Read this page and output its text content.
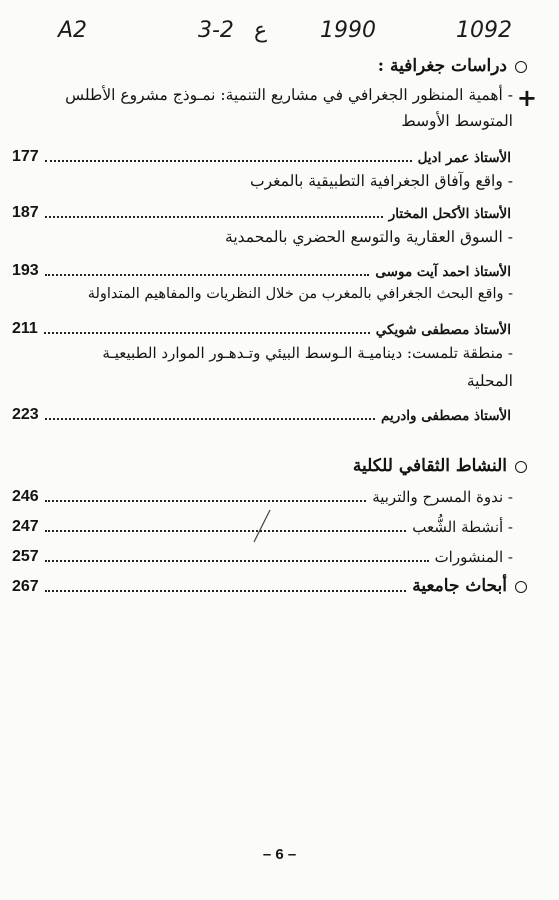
A2	3-2 ع 1990	1092
دراسات جغرافية :
+
- أهمية المنظور الجغرافي في مشاريع التنمية: نمـوذج مشروع الأطلس
المتوسط الأوسط
الأستاذ عمر اديل
177
- واقع وآفاق الجغرافية التطبيقية بالمغرب
الأستاذ الأكحل المختار
187
- السوق العقارية والتوسع الحضري بالمحمدية
الأستاذ احمد آيت موسى
193
- واقع البحث الجغرافي بالمغرب من خلال النظريات والمفاهيم المتداولة
الأستاذ مصطفى شويكي
211
- منطقة تلمست: ديناميـة الـوسط البيئي وتـدهـور الموارد الطبيعيـة
المحلية
الأستاذ مصطفى وادريم
223
النشاط الثقافي للكلية
- ندوة المسرح والتربية
246
- أنشطة الشُّعب
247
- المنشورات
257
أبحاث جامعية
267
– 6 –
